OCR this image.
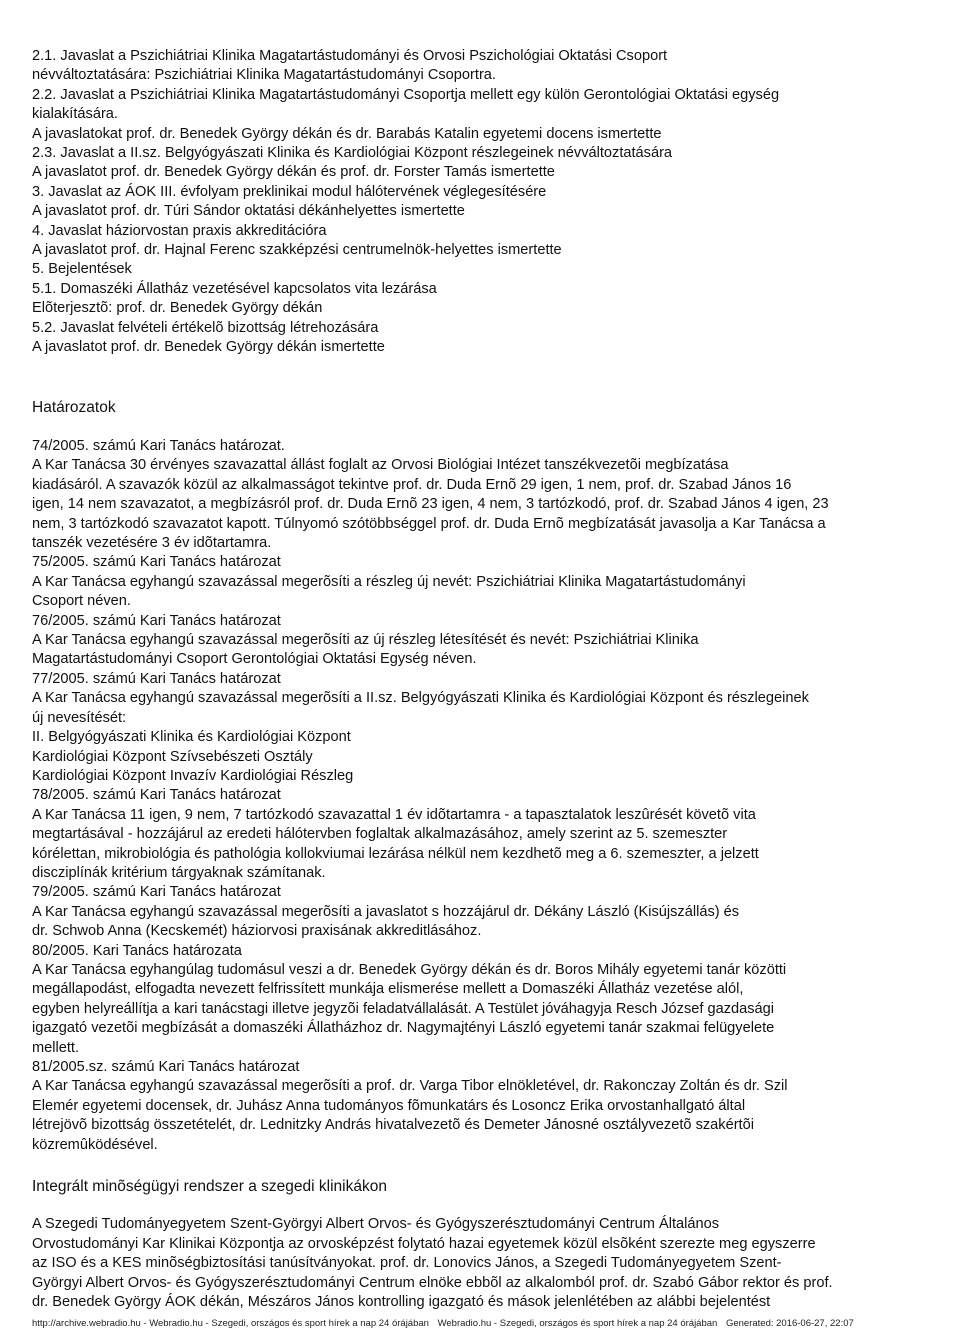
2.1. Javaslat a Pszichiátriai Klinika Magatartástudományi és Orvosi Pszichológiai Oktatási Csoport
névváltoztatására: Pszichiátriai Klinika Magatartástudományi Csoportra.
2.2. Javaslat a Pszichiátriai Klinika Magatartástudományi Csoportja mellett egy külön Gerontológiai Oktatási egység
kialakítására.
A javaslatokat prof. dr. Benedek György dékán és dr. Barabás Katalin egyetemi docens ismertette
2.3. Javaslat a II.sz. Belgyógyászati Klinika és Kardiológiai Központ részlegeinek névváltoztatására
A javaslatot prof. dr. Benedek György dékán és prof. dr. Forster Tamás ismertette
3. Javaslat az ÁOK III. évfolyam preklinikai modul hálótervének véglegesítésére
A javaslatot prof. dr. Túri Sándor oktatási dékánhelyettes ismertette
4. Javaslat háziorvostan praxis akkreditációra
A javaslatot prof. dr. Hajnal Ferenc szakképzési centrumelnök-helyettes ismertette
5. Bejelentések
5.1. Domaszéki Állatház vezetésével kapcsolatos vita lezárása
Elõterjesztõ: prof. dr. Benedek György dékán
5.2. Javaslat felvételi értékelõ bizottság létrehozására
A javaslatot prof. dr. Benedek György dékán ismertette
Határozatok
74/2005. számú Kari Tanács határozat.
A Kar Tanácsa 30 érvényes szavazattal állást foglalt az Orvosi Biológiai Intézet tanszékvezetõi megbízatása
kiadásáról. A szavazók közül az alkalmasságot tekintve prof. dr. Duda Ernõ 29 igen, 1 nem, prof. dr. Szabad János 16
igen, 14 nem szavazatot, a megbízásról prof. dr. Duda Ernõ 23 igen, 4 nem, 3 tartózkodó, prof. dr. Szabad János 4 igen, 23
nem, 3 tartózkodó szavazatot kapott. Túlnyomó szótöbbséggel prof. dr. Duda Ernõ megbízatását javasolja a Kar Tanácsa a
tanszék vezetésére 3 év idõtartamra.
75/2005. számú Kari Tanács határozat
A Kar Tanácsa egyhangú szavazással megerõsíti a részleg új nevét: Pszichiátriai Klinika Magatartástudományi
Csoport néven.
76/2005. számú Kari Tanács határozat
A Kar Tanácsa egyhangú szavazással megerõsíti az új részleg létesítését és nevét: Pszichiátriai Klinika
Magatartástudományi Csoport Gerontológiai Oktatási Egység néven.
77/2005. számú Kari Tanács határozat
A Kar Tanácsa egyhangú szavazással megerõsíti a II.sz. Belgyógyászati Klinika és Kardiológiai Központ és részlegeinek
új nevesítését:
II. Belgyógyászati Klinika és Kardiológiai Központ
Kardiológiai Központ Szívsebészeti Osztály
Kardiológiai Központ Invazív Kardiológiai Részleg
78/2005. számú Kari Tanács határozat
A Kar Tanácsa 11 igen, 9 nem, 7 tartózkodó szavazattal 1 év idõtartamra - a tapasztalatok leszûrését követõ vita
megtartásával - hozzájárul az eredeti hálótervben foglaltak alkalmazásához, amely szerint az 5. szemeszter
kórélettan, mikrobiológia és pathológia kollokviumai lezárása nélkül nem kezdhetõ meg a 6. szemeszter, a jelzett
discziplínák kritérium tárgyaknak számítanak.
79/2005. számú Kari Tanács határozat
A Kar Tanácsa egyhangú szavazással megerõsíti a javaslatot s hozzájárul dr. Dékány László (Kisújszállás) és
dr. Schwob Anna (Kecskemét) háziorvosi praxisának akkreditlásához.
80/2005. Kari Tanács határozata
A Kar Tanácsa egyhangúlag tudomásul veszi a dr. Benedek György dékán és dr. Boros Mihály egyetemi tanár közötti
megállapodást, elfogadta nevezett felfrissített munkája elismerése mellett a Domaszéki Állatház vezetése alól,
egyben helyreállítja a kari tanácstagi illetve jegyzõi feladatvállalását. A Testület jóváhagyja Resch József gazdasági
igazgató vezetõi megbízását a domaszéki Állatházhoz dr. Nagymajtényi László egyetemi tanár szakmai felügyelete
mellett.
81/2005.sz. számú Kari Tanács határozat
A Kar Tanácsa egyhangú szavazással megerõsíti a prof. dr. Varga Tibor elnökletével, dr. Rakonczay Zoltán és dr. Szil
Elemér egyetemi docensek, dr. Juhász Anna tudományos fõmunkatárs és Losoncz Erika orvostanhallgató által
létrejövõ bizottság összetételét, dr. Lednitzky András hivatalvezetõ és Demeter Jánosné osztályvezetõ szakértõi
közremûködésével.
Integrált minõségügyi rendszer a szegedi klinikákon
A Szegedi Tudományegyetem Szent-Györgyi Albert Orvos- és Gyógyszerésztudományi Centrum Általános
Orvostudományi Kar Klinikai Központja az orvosképzést folytató hazai egyetemek közül elsõként szerezte meg egyszerre
az ISO és a KES minõségbiztosítási tanúsítványokat. prof. dr. Lonovics János, a Szegedi Tudományegyetem Szent-
Györgyi Albert Orvos- és Gyógyszerésztudományi Centrum elnöke ebbõl az alkalomból prof. dr. Szabó Gábor rektor és prof.
dr. Benedek György ÁOK dékán, Mészáros János kontrolling igazgató és mások jelenlétében az alábbi bejelentést
http://archive.webradio.hu - Webradio.hu - Szegedi, országos és sport hírek a nap 24 órájában Webradio.hu - Szegedi, országos és sport hírek a nap 24 órájában Generated: 2016-06-27, 22:07
